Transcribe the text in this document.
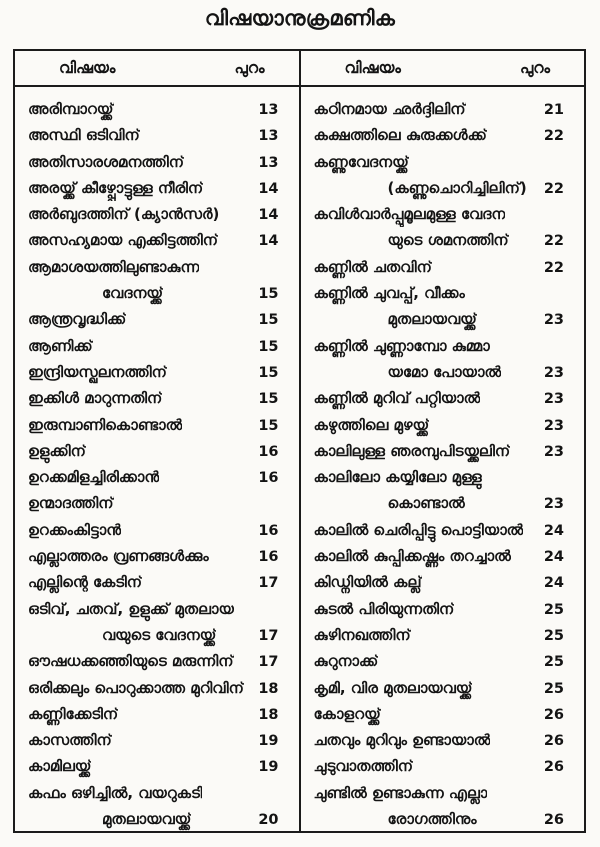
വിഷയാനുക്രമണിക
വിഷയം	പുറം
അരിമ്പാറയ്ക്ക്	13
അസ്ഥി ഒടിവിന്	13
അതിസാരശമനത്തിന്	13
അരയ്ക്ക് കീഴ്പ്പോട്ടുള്ള നീരിന്	14
അർബുദത്തിന് (ക്യാൻസർ)	14
അസഹ്യമായ എക്കിട്ടത്തിന്	14
ആമാശയത്തിലുണ്ടാകുന്ന
വേദനയ്ക്ക്	15
ആന്ത്രവൃദ്ധിക്ക്	15
ആണിക്ക്	15
ഇന്ദ്രിയസ്ഖലനത്തിന്	15
ഇക്കിൾ മാറുന്നതിന്	15
ഇരുമ്പാണികൊണ്ടാൽ	15
ഉളുക്കിന്	16
ഉറക്കമിളച്ചിരിക്കാൻ	16
ഉന്മാദത്തിന്
ഉറക്കംകിട്ടാൻ	16
എല്ലാത്തരം വ്രണങ്ങൾക്കും	16
എല്ലിന്റെ കേടിന്	17
ഒടിവ്, ചതവ്, ഉളുക്ക് മുതലായ
വയുടെ വേദനയ്ക്ക്	17
ഔഷധക്കഞ്ഞിയുടെ മരുന്നിന്	17
ഒരിക്കലും പൊറുക്കാത്ത മുറിവിന് 18
കണ്ണിക്കേടിന്	18
കാസത്തിന്	19
കാമിലയ്ക്ക്	19
കഫം ഒഴിച്ചിൽ, വയറുകടി
മുതലായവയ്ക്ക്	20
വിഷയം	പുറം
കഠിനമായ ഛർദ്ദിലിന്	21
കക്ഷത്തിലെ കുരുക്കൾക്ക്	22
കണ്ണുവേദനയ്ക്ക്
(കണ്ണുചൊറിച്ചിലിന്)	22
കവിൾവാർപ്പുമൂലമുള്ള വേദന
യുടെ ശമനത്തിന്	22
കണ്ണിൽ ചതവിന്	22
കണ്ണിൽ ചുവപ്പ്, വീക്കം
മുതലായവയ്ക്ക്	23
കണ്ണിൽ ചുണ്ണാമ്പോ കുമ്മാ
യമോ പോയാൽ	23
കണ്ണിൽ മുറിവ് പറ്റിയാൽ	23
കഴുത്തിലെ മുഴയ്ക്ക്	23
കാലിലുള്ള ഞരമ്പുപിടയ്ക്കലിന്	23
കാലിലോ കയ്യിലോ മുള്ളു
കൊണ്ടാൽ	23
കാലിൽ ചെരിപ്പിട്ടു പൊട്ടിയാൽ	24
കാലിൽ കുപ്പിക്കഷ്ണം തറച്ചാൽ	24
കിഡ്നിയിൽ കല്ല്	24
കുടൽ പിരിയുന്നതിന്	25
കുഴിനഖത്തിന്	25
കുറുനാക്ക്	25
കൃമി, വിര മുതലായവയ്ക്ക്	25
കോളറയ്ക്ക്	26
ചതവും മുറിവും ഉണ്ടായാൽ	26
ചുടുവാതത്തിന്	26
ചുണ്ടിൽ ഉണ്ടാകുന്ന എല്ലാ
രോഗത്തിനും	26
